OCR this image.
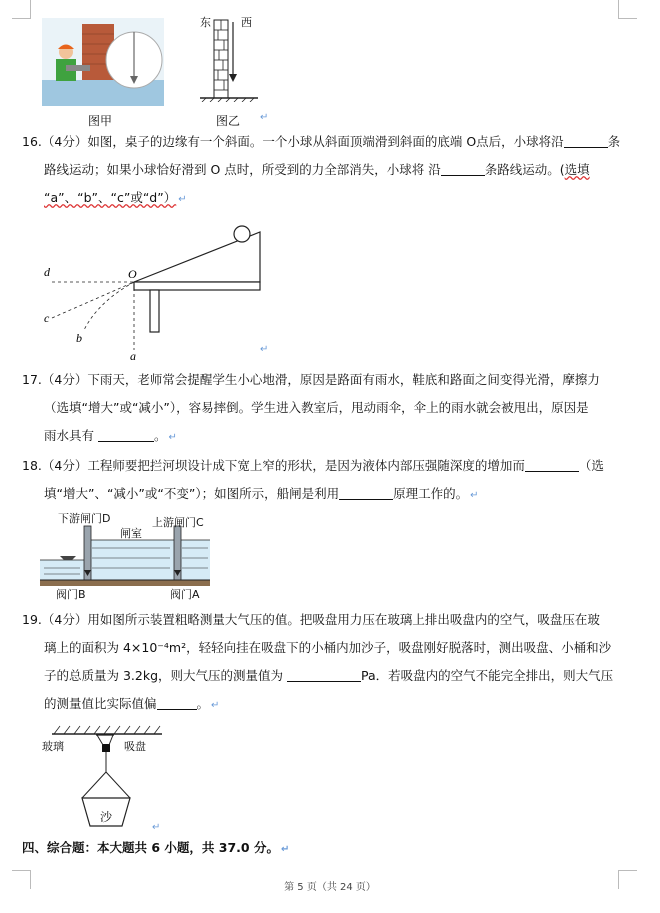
图甲
东	西
图乙 ↵
16.（4分）如图，桌子的边缘有一个斜面。一个小球从斜面顶端滑到斜面的底端 O点后，小球将沿	条
路线运动；如果小球恰好滑到 O 点时，所受到的力全部消失，小球将 沿	条路线运动。(选填
“a”、“b”、“c”或“d”） ↵
d	O
c
b
a	↵
17.（4分）下雨天，老师常会提醒学生小心地滑，原因是路面有雨水，鞋底和路面之间变得光滑，摩擦力
（选填“增大”或“减小”），容易摔倒。学生进入教室后，甩动雨伞，伞上的雨水就会被甩出，原因是
雨水具有	。 ↵
18.（4分）工程师要把拦河坝设计成下宽上窄的形状，是因为液体内部压强随深度的增加而	（选
填“增大”、“减小”或“不变”）；如图所示，船闸是利用	原理工作的。 ↵
下游闸门D
闸室
上游闸门C
阀门B	阀门A
19.（4分）用如图所示装置粗略测量大气压的值。把吸盘用力压在玻璃上排出吸盘内的空气，吸盘压在玻
璃上的面积为 4×10⁻⁴m²，轻轻向挂在吸盘下的小桶内加沙子，吸盘刚好脱落时，测出吸盘、小桶和沙
子的总质量为 3.2kg，则大气压的测量值为	Pa．若吸盘内的空气不能完全排出，则大气压
的测量值比实际值偏	。 ↵
玻璃	吸盘
沙
↵
四、综合题：本大题共 6 小题，共 37.0 分。 ↵
第 5 页（共 24 页）
